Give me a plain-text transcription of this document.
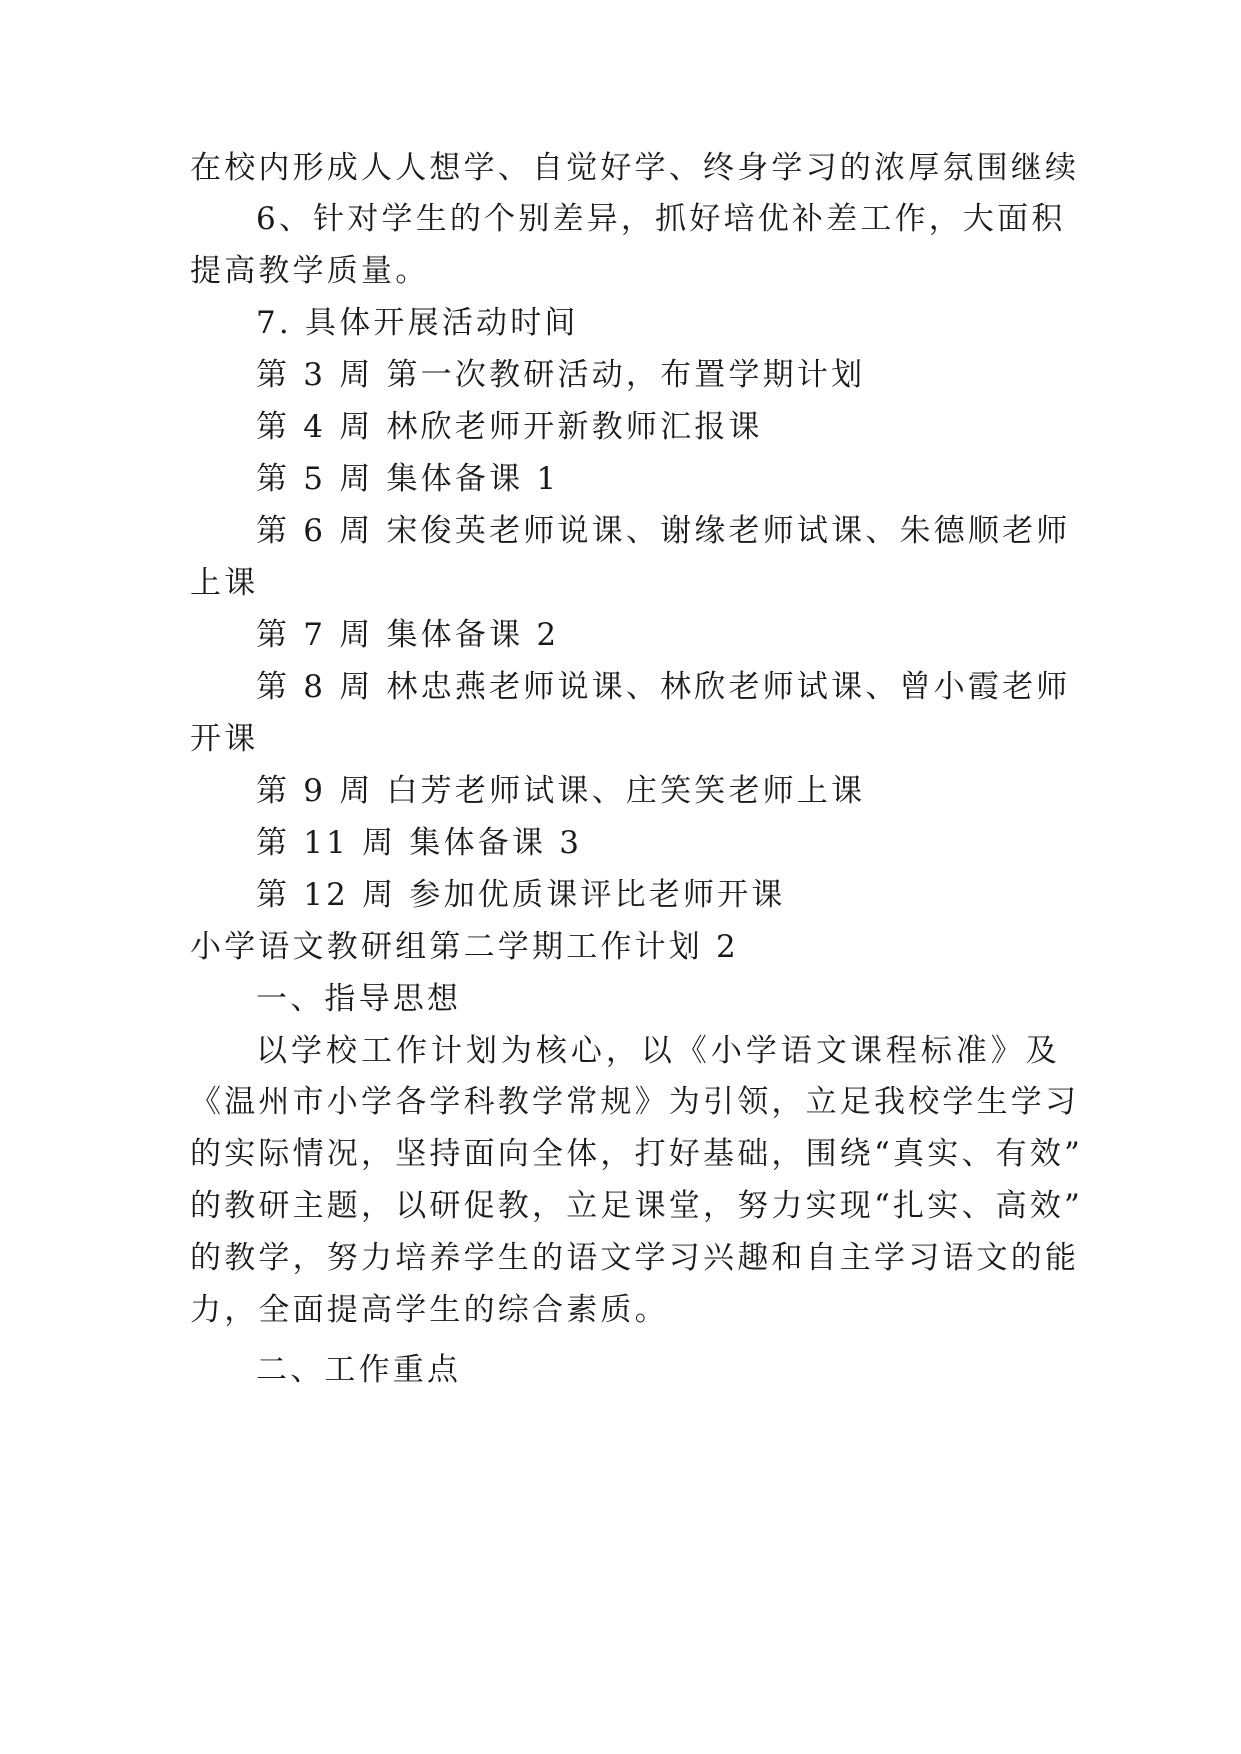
在校内形成人人想学、自觉好学、终身学习的浓厚氛围继续
6、针对学生的个别差异，抓好培优补差工作，大面积
提高教学质量。
7. 具体开展活动时间
第 3 周 第一次教研活动，布置学期计划
第 4 周 林欣老师开新教师汇报课
第 5 周 集体备课 1
第 6 周 宋俊英老师说课、谢缘老师试课、朱德顺老师
上课
第 7 周 集体备课 2
第 8 周 林忠燕老师说课、林欣老师试课、曾小霞老师
开课
第 9 周 白芳老师试课、庄笑笑老师上课
第 11 周 集体备课 3
第 12 周 参加优质课评比老师开课
小学语文教研组第二学期工作计划 2
一、指导思想
以学校工作计划为核心，以《小学语文课程标准》及
《温州市小学各学科教学常规》为引领，立足我校学生学习
的实际情况，坚持面向全体，打好基础，围绕“真实、有效”
的教研主题，以研促教，立足课堂，努力实现“扎实、高效”
的教学，努力培养学生的语文学习兴趣和自主学习语文的能
力，全面提高学生的综合素质。
二、工作重点
